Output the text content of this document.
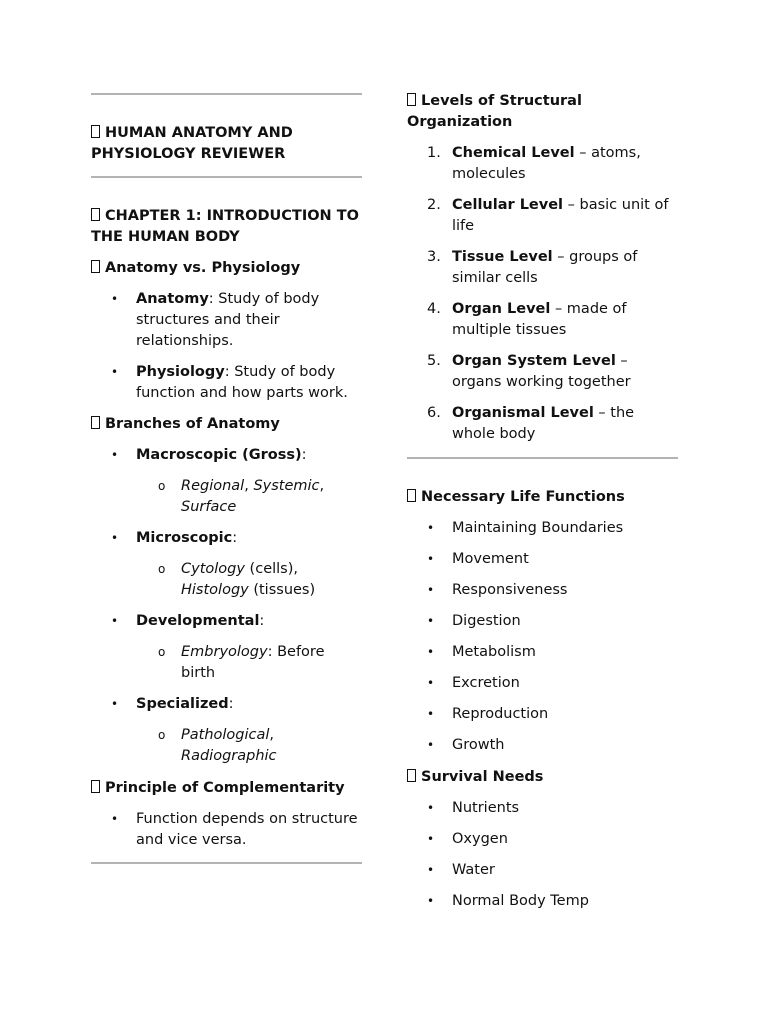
HUMAN ANATOMY AND PHYSIOLOGY REVIEWER

CHAPTER 1: INTRODUCTION TO THE HUMAN BODY

Anatomy vs. Physiology

• Anatomy: Study of body structures and their relationships.
• Physiology: Study of body function and how parts work.

Branches of Anatomy

• Macroscopic (Gross):
o Regional, Systemic, Surface
• Microscopic:
o Cytology (cells), Histology (tissues)
• Developmental:
o Embryology: Before birth
• Specialized:
o Pathological, Radiographic

Principle of Complementarity

• Function depends on structure and vice versa.

Levels of Structural Organization

1. Chemical Level – atoms, molecules
2. Cellular Level – basic unit of life
3. Tissue Level – groups of similar cells
4. Organ Level – made of multiple tissues
5. Organ System Level – organs working together
6. Organismal Level – the whole body

Necessary Life Functions

• Maintaining Boundaries
• Movement
• Responsiveness
• Digestion
• Metabolism
• Excretion
• Reproduction
• Growth

Survival Needs

• Nutrients
• Oxygen
• Water
• Normal Body Temp
